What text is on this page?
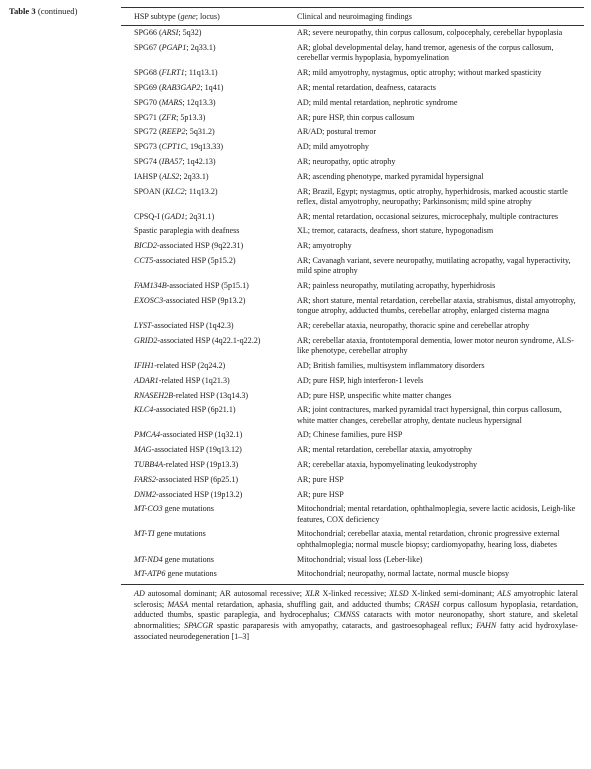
Table 3 (continued)
HSP subtype (gene; locus)	Clinical and neuroimaging findings
SPG66 (ARSI; 5q32)	AR; severe neuropathy, thin corpus callosum, colpocephaly, cerebellar hypoplasia
SPG67 (PGAP1; 2q33.1)	AR; global developmental delay, hand tremor, agenesis of the corpus callosum, cerebellar vermis hypoplasia, hypomyelination
SPG68 (FLRT1; 11q13.1)	AR; mild amyotrophy, nystagmus, optic atrophy; without marked spasticity
SPG69 (RAB3GAP2; 1q41)	AR; mental retardation, deafness, cataracts
SPG70 (MARS; 12q13.3)	AD; mild mental retardation, nephrotic syndrome
SPG71 (ZFR; 5p13.3)	AR; pure HSP, thin corpus callosum
SPG72 (REEP2; 5q31.2)	AR/AD; postural tremor
SPG73 (CPT1C, 19q13.33)	AD; mild amyotrophy
SPG74 (IBA57; 1q42.13)	AR; neuropathy, optic atrophy
IAHSP (ALS2; 2q33.1)	AR; ascending phenotype, marked pyramidal hypersignal
SPOAN (KLC2; 11q13.2)	AR; Brazil, Egypt; nystagmus, optic atrophy, hyperhidrosis, marked acoustic startle reflex, distal amyotrophy, neuropathy; Parkinsonism; mild spine atrophy
CPSQ-I (GAD1; 2q31.1)	AR; mental retardation, occasional seizures, microcephaly, multiple contractures
Spastic paraplegia with deafness	XL; tremor, cataracts, deafness, short stature, hypogonadism
BICD2-associated HSP (9q22.31)	AR; amyotrophy
CCT5-associated HSP (5p15.2)	AR; Cavanagh variant, severe neuropathy, mutilating acropathy, vagal hyperactivity, mild spine atrophy
FAM134B-associated HSP (5p15.1)	AR; painless neuropathy, mutilating acropathy, hyperhidrosis
EXOSC3-associated HSP (9p13.2)	AR; short stature, mental retardation, cerebellar ataxia, strabismus, distal amyotrophy, tongue atrophy, adducted thumbs, cerebellar atrophy, enlarged cisterna magna
LYST-associated HSP (1q42.3)	AR; cerebellar ataxia, neuropathy, thoracic spine and cerebellar atrophy
GRID2-associated HSP (4q22.1-q22.2)	AR; cerebellar ataxia, frontotemporal dementia, lower motor neuron syndrome, ALS-like phenotype, cerebellar atrophy
IFIH1-related HSP (2q24.2)	AD; British families, multisystem inflammatory disorders
ADAR1-related HSP (1q21.3)	AD; pure HSP, high interferon-1 levels
RNASEH2B-related HSP (13q14.3)	AD; pure HSP, unspecific white matter changes
KLC4-associated HSP (6p21.1)	AR; joint contractures, marked pyramidal tract hypersignal, thin corpus callosum, white matter changes, cerebellar atrophy, dentate nucleus hypersignal
PMCA4-associated HSP (1q32.1)	AD; Chinese families, pure HSP
MAG-associated HSP (19q13.12)	AR; mental retardation, cerebellar ataxia, amyotrophy
TUBB4A-related HSP (19p13.3)	AR; cerebellar ataxia, hypomyelinating leukodystrophy
FARS2-associated HSP (6p25.1)	AR; pure HSP
DNM2-associated HSP (19p13.2)	AR; pure HSP
MT-CO3 gene mutations	Mitochondrial; mental retardation, ophthalmoplegia, severe lactic acidosis, Leigh-like features, COX deficiency
MT-TI gene mutations	Mitochondrial; cerebellar ataxia, mental retardation, chronic progressive external ophthalmoplegia; normal muscle biopsy; cardiomyopathy, hearing loss, diabetes
MT-ND4 gene mutations	Mitochondrial; visual loss (Leber-like)
MT-ATP6 gene mutations	Mitochondrial; neuropathy, normal lactate, normal muscle biopsy
AD autosomal dominant; AR autosomal recessive; XLR X-linked recessive; XLSD X-linked semi-dominant; ALS amyotrophic lateral sclerosis; MASA mental retardation, aphasia, shuffling gait, and adducted thumbs; CRASH corpus callosum hypoplasia, retardation, adducted thumbs, spastic paraplegia, and hydrocephalus; CMNSS cataracts with motor neuronopathy, short stature, and skeletal abnormalities; SPACGR spastic paraparesis with amyopathy, cataracts, and gastroesophageal reflux; FAHN fatty acid hydroxylase-associated neurodegeneration [1–3]
